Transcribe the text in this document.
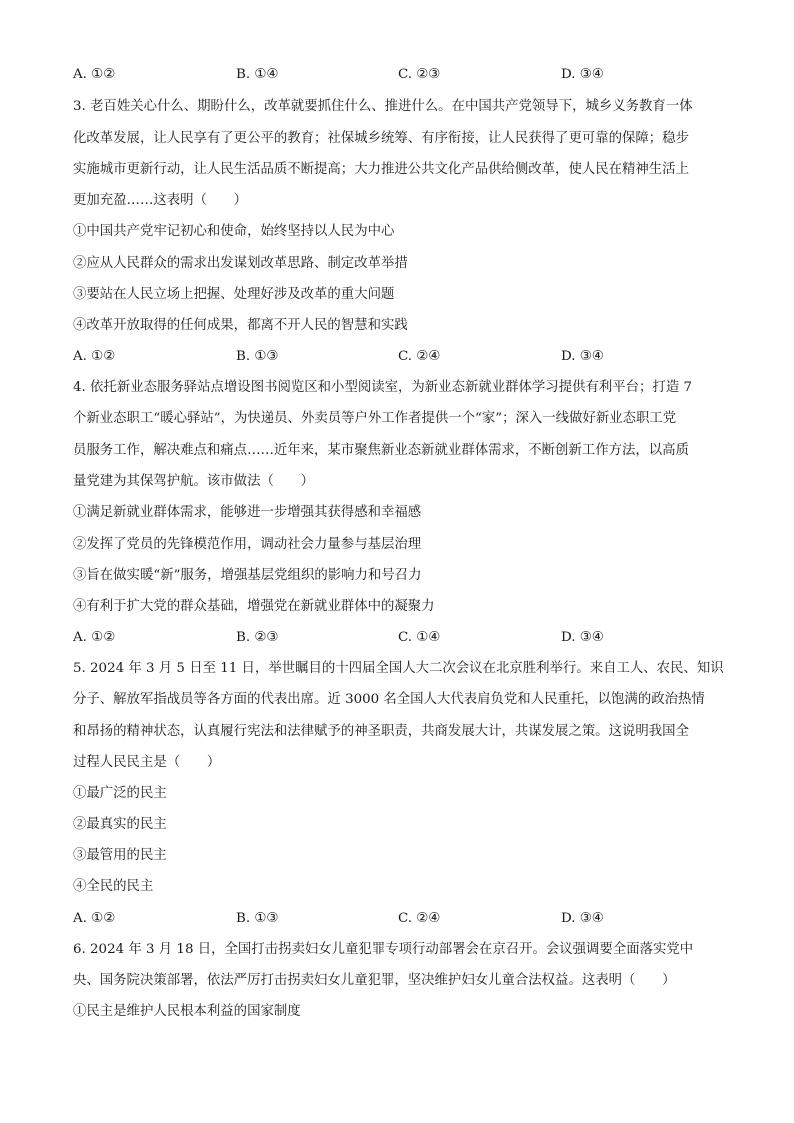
A. ①②	B. ①④	C. ②③	D. ③④
3. 老百姓关心什么、期盼什么，改革就要抓住什么、推进什么。在中国共产党领导下，城乡义务教育一体
化改革发展，让人民享有了更公平的教育；社保城乡统筹、有序衔接，让人民获得了更可靠的保障；稳步
实施城市更新行动，让人民生活品质不断提高；大力推进公共文化产品供给侧改革，使人民在精神生活上
更加充盈……这表明（　　）
①中国共产党牢记初心和使命，始终坚持以人民为中心
②应从人民群众的需求出发谋划改革思路、制定改革举措
③要站在人民立场上把握、处理好涉及改革的重大问题
④改革开放取得的任何成果，都离不开人民的智慧和实践
A. ①②	B. ①③	C. ②④	D. ③④
4. 依托新业态服务驿站点增设图书阅览区和小型阅读室，为新业态新就业群体学习提供有利平台；打造 7
个新业态职工“暖心驿站”，为快递员、外卖员等户外工作者提供一个“家”；深入一线做好新业态职工党
员服务工作，解决难点和痛点……近年来，某市聚焦新业态新就业群体需求，不断创新工作方法，以高质
量党建为其保驾护航。该市做法（　　）
①满足新就业群体需求，能够进一步增强其获得感和幸福感
②发挥了党员的先锋模范作用，调动社会力量参与基层治理
③旨在做实暖“新”服务，增强基层党组织的影响力和号召力
④有利于扩大党的群众基础，增强党在新就业群体中的凝聚力
A. ①②	B. ②③	C. ①④	D. ③④
5. 2024 年 3 月 5 日至 11 日，举世瞩目的十四届全国人大二次会议在北京胜利举行。来自工人、农民、知识
分子、解放军指战员等各方面的代表出席。近 3000 名全国人大代表肩负党和人民重托，以饱满的政治热情
和昂扬的精神状态，认真履行宪法和法律赋予的神圣职责，共商发展大计，共谋发展之策。这说明我国全
过程人民民主是（　　）
①最广泛的民主
②最真实的民主
③最管用的民主
④全民的民主
A. ①②	B. ①③	C. ②④	D. ③④
6. 2024 年 3 月 18 日，全国打击拐卖妇女儿童犯罪专项行动部署会在京召开。会议强调要全面落实党中
央、国务院决策部署，依法严厉打击拐卖妇女儿童犯罪，坚决维护妇女儿童合法权益。这表明（　　）
①民主是维护人民根本利益的国家制度
